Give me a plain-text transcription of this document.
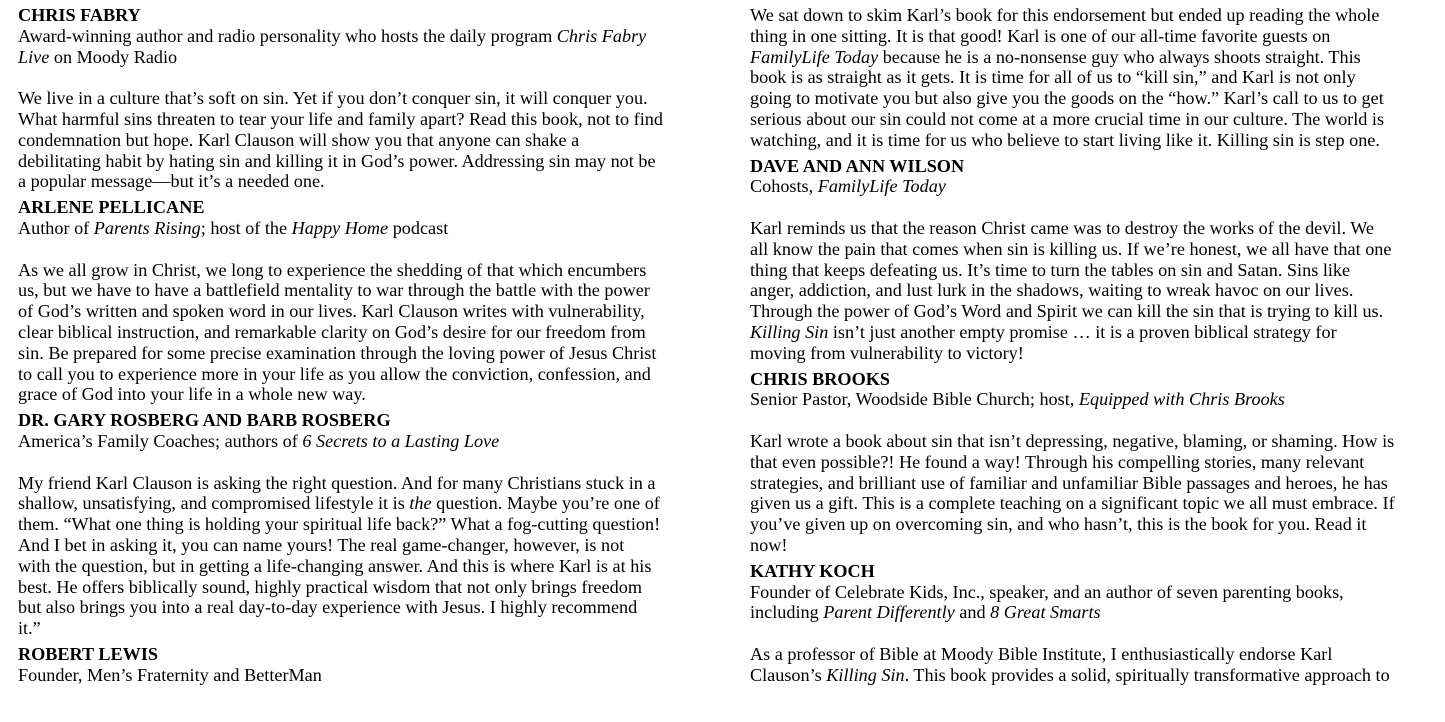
CHRIS FABRY
Award-winning author and radio personality who hosts the daily program Chris Fabry
Live on Moody Radio
We live in a culture that’s soft on sin. Yet if you don’t conquer sin, it will conquer you.
What harmful sins threaten to tear your life and family apart? Read this book, not to find
condemnation but hope. Karl Clauson will show you that anyone can shake a
debilitating habit by hating sin and killing it in God’s power. Addressing sin may not be
a popular message—but it’s a needed one.
ARLENE PELLICANE
Author of Parents Rising; host of the Happy Home podcast
As we all grow in Christ, we long to experience the shedding of that which encumbers
us, but we have to have a battlefield mentality to war through the battle with the power
of God’s written and spoken word in our lives. Karl Clauson writes with vulnerability,
clear biblical instruction, and remarkable clarity on God’s desire for our freedom from
sin. Be prepared for some precise examination through the loving power of Jesus Christ
to call you to experience more in your life as you allow the conviction, confession, and
grace of God into your life in a whole new way.
DR. GARY ROSBERG AND BARB ROSBERG
America’s Family Coaches; authors of 6 Secrets to a Lasting Love
My friend Karl Clauson is asking the right question. And for many Christians stuck in a
shallow, unsatisfying, and compromised lifestyle it is the question. Maybe you’re one of
them. “What one thing is holding your spiritual life back?” What a fog-cutting question!
And I bet in asking it, you can name yours! The real game-changer, however, is not
with the question, but in getting a life-changing answer. And this is where Karl is at his
best. He offers biblically sound, highly practical wisdom that not only brings freedom
but also brings you into a real day-to-day experience with Jesus. I highly recommend
it.”
ROBERT LEWIS
Founder, Men’s Fraternity and BetterMan
We sat down to skim Karl’s book for this endorsement but ended up reading the whole
thing in one sitting. It is that good! Karl is one of our all-time favorite guests on
FamilyLife Today because he is a no-nonsense guy who always shoots straight. This
book is as straight as it gets. It is time for all of us to “kill sin,” and Karl is not only
going to motivate you but also give you the goods on the “how.” Karl’s call to us to get
serious about our sin could not come at a more crucial time in our culture. The world is
watching, and it is time for us who believe to start living like it. Killing sin is step one.
DAVE AND ANN WILSON
Cohosts, FamilyLife Today
Karl reminds us that the reason Christ came was to destroy the works of the devil. We
all know the pain that comes when sin is killing us. If we’re honest, we all have that one
thing that keeps defeating us. It’s time to turn the tables on sin and Satan. Sins like
anger, addiction, and lust lurk in the shadows, waiting to wreak havoc on our lives.
Through the power of God’s Word and Spirit we can kill the sin that is trying to kill us.
Killing Sin isn’t just another empty promise … it is a proven biblical strategy for
moving from vulnerability to victory!
CHRIS BROOKS
Senior Pastor, Woodside Bible Church; host, Equipped with Chris Brooks
Karl wrote a book about sin that isn’t depressing, negative, blaming, or shaming. How is
that even possible?! He found a way! Through his compelling stories, many relevant
strategies, and brilliant use of familiar and unfamiliar Bible passages and heroes, he has
given us a gift. This is a complete teaching on a significant topic we all must embrace. If
you’ve given up on overcoming sin, and who hasn’t, this is the book for you. Read it
now!
KATHY KOCH
Founder of Celebrate Kids, Inc., speaker, and an author of seven parenting books,
including Parent Differently and 8 Great Smarts
As a professor of Bible at Moody Bible Institute, I enthusiastically endorse Karl
Clauson’s Killing Sin. This book provides a solid, spiritually transformative approach to
